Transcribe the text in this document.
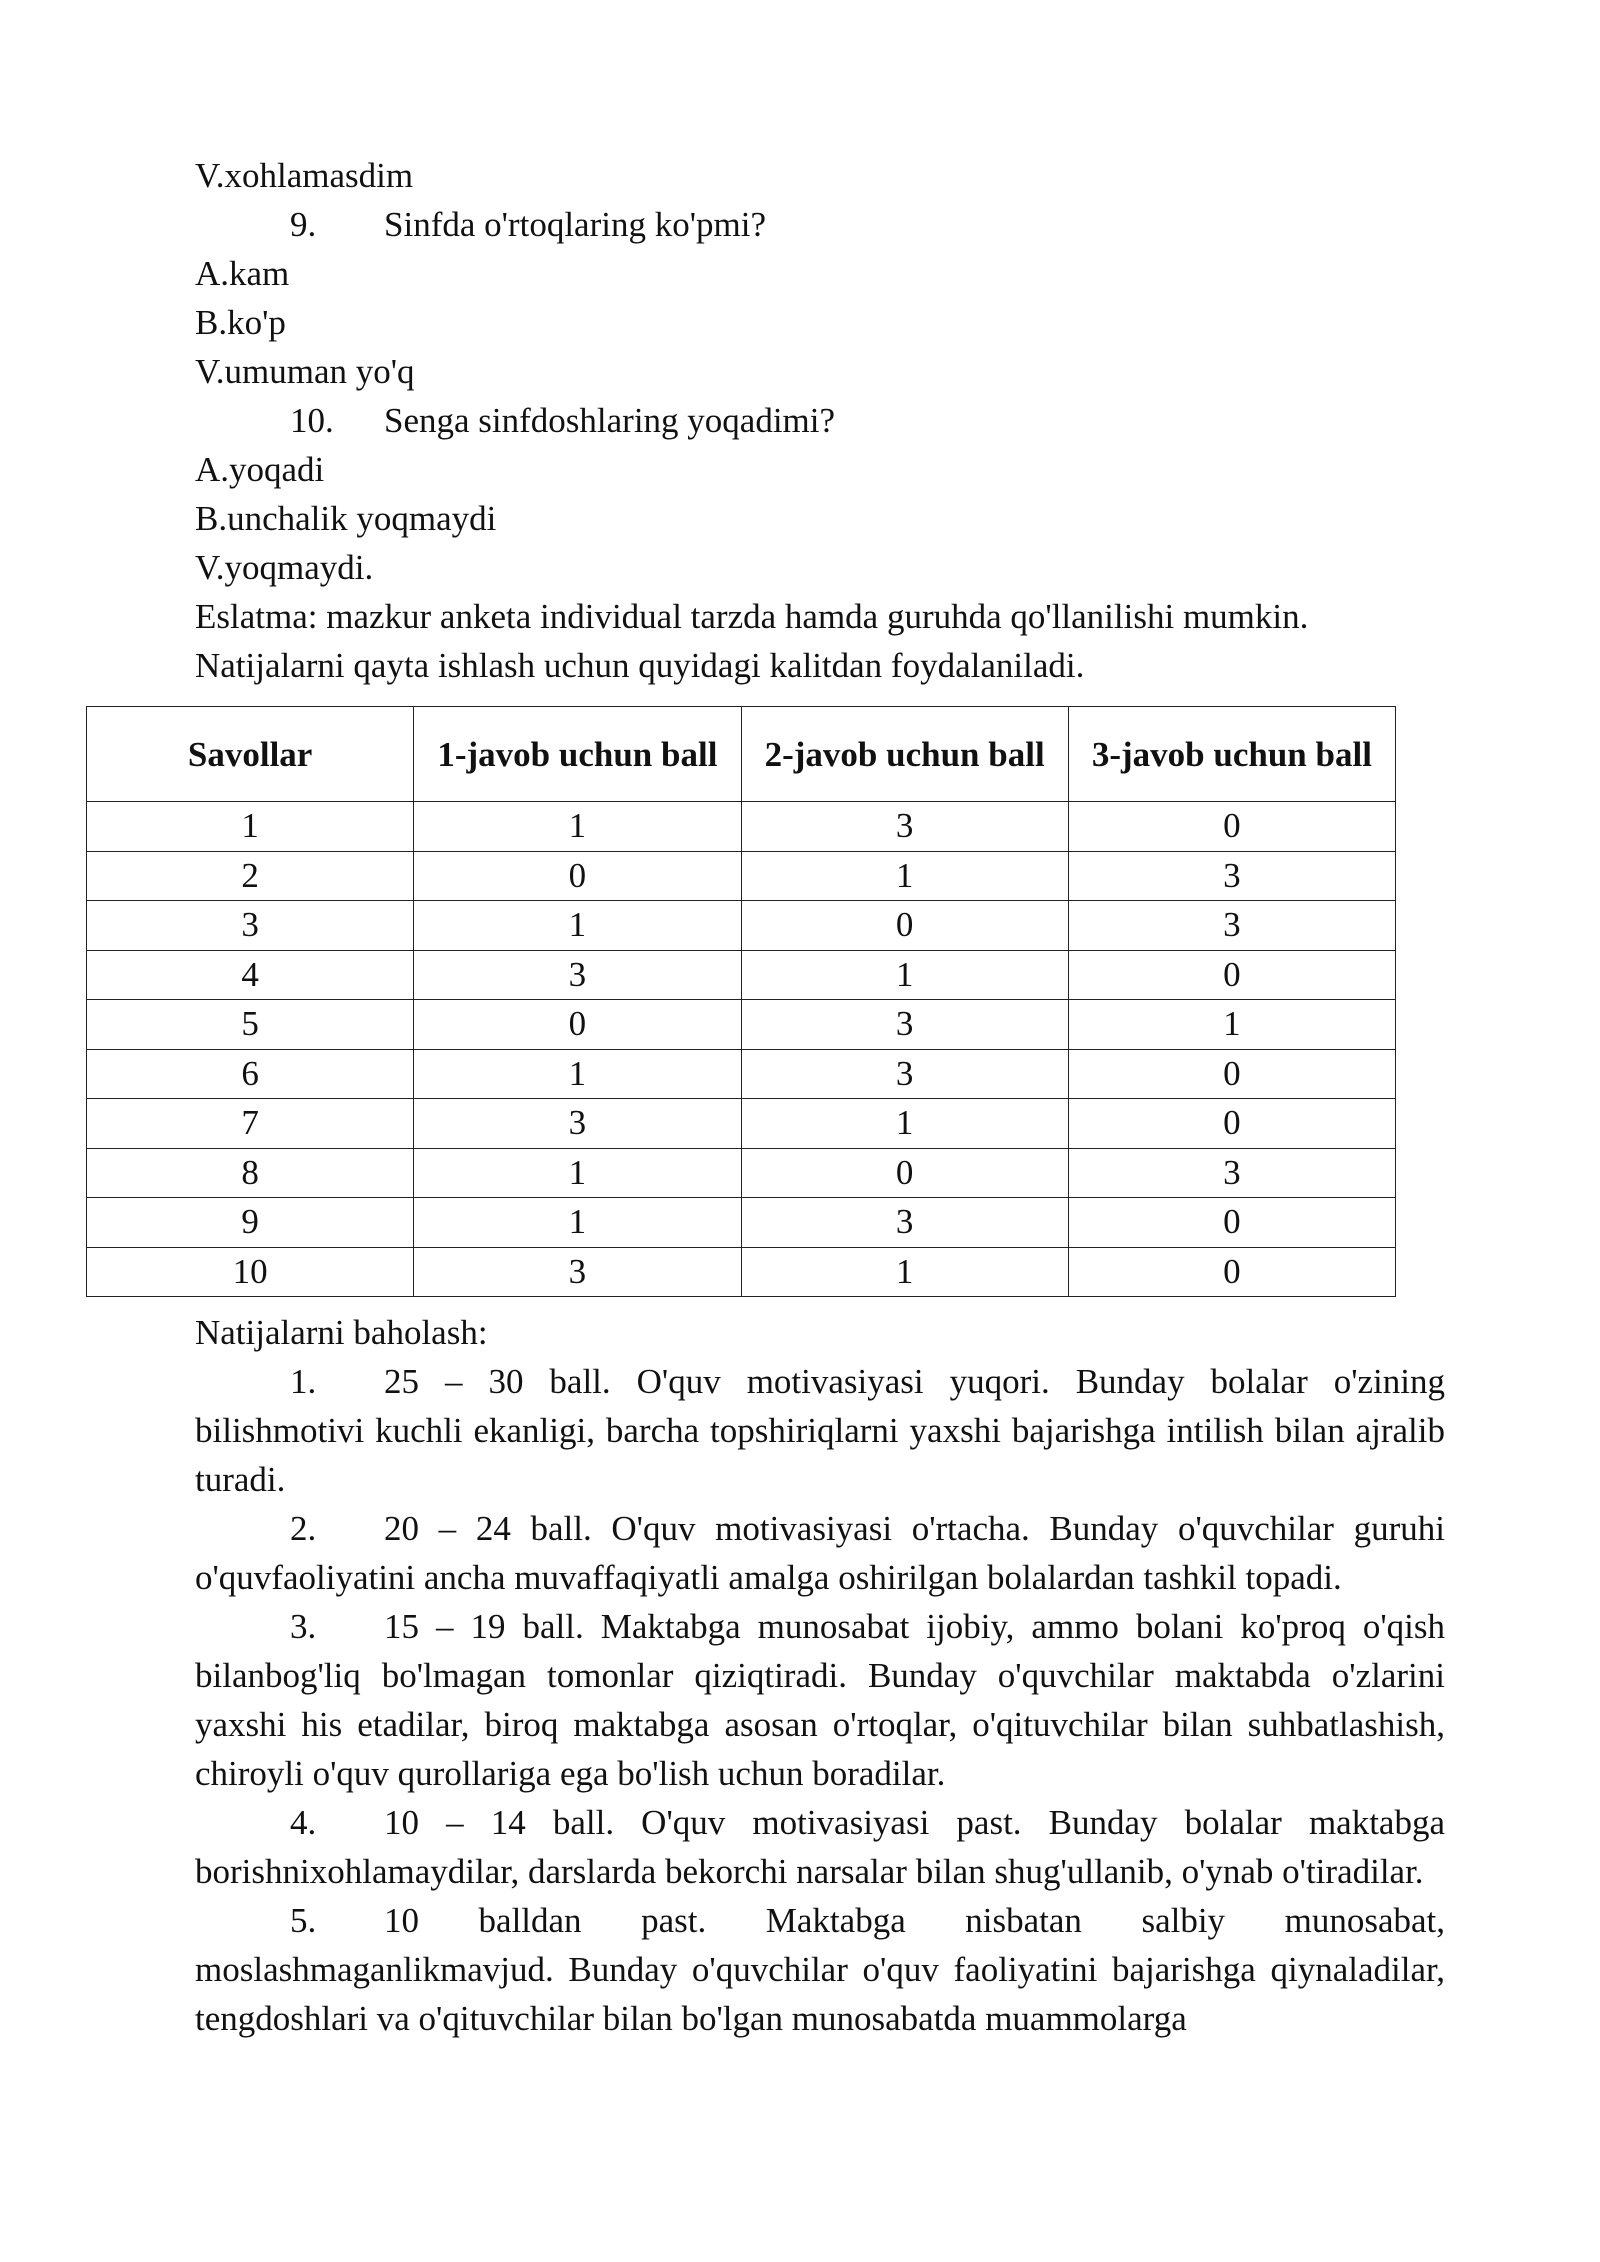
V.xohlamasdim
9. Sinfda o'rtoqlaring ko'pmi?
A.kam
B.ko'p
V.umuman yo'q
10. Senga sinfdoshlaring yoqadimi?
A.yoqadi
B.unchalik yoqmaydi
V.yoqmaydi.
Eslatma: mazkur anketa individual tarzda hamda guruhda qo'llanilishi mumkin.
Natijalarni qayta ishlash uchun quyidagi kalitdan foydalaniladi.
Savollar	1-javob uchun ball	2-javob uchun ball	3-javob uchun ball
1	1	3	0
2	0	1	3
3	1	0	3
4	3	1	0
5	0	3	1
6	1	3	0
7	3	1	0
8	1	0	3
9	1	3	0
10	3	1	0
Natijalarni baholash:
1. 25 – 30 ball. O'quv motivasiyasi yuqori. Bunday bolalar o'zining bilishmotivi kuchli ekanligi, barcha topshiriqlarni yaxshi bajarishga intilish bilan ajralib turadi.
2. 20 – 24 ball. O'quv motivasiyasi o'rtacha. Bunday o'quvchilar guruhi o'quvfaoliyatini ancha muvaffaqiyatli amalga oshirilgan bolalardan tashkil topadi.
3. 15 – 19 ball. Maktabga munosabat ijobiy, ammo bolani ko'proq o'qish bilanbog'liq bo'lmagan tomonlar qiziqtiradi. Bunday o'quvchilar maktabda o'zlarini yaxshi his etadilar, biroq maktabga asosan o'rtoqlar, o'qituvchilar bilan suhbatlashish, chiroyli o'quv qurollariga ega bo'lish uchun boradilar.
4. 10 – 14 ball. O'quv motivasiyasi past. Bunday bolalar maktabga borishnixohlamaydilar, darslarda bekorchi narsalar bilan shug'ullanib, o'ynab o'tiradilar.
5. 10 balldan past. Maktabga nisbatan salbiy munosabat, moslashmaganlikmavjud. Bunday o'quvchilar o'quv faoliyatini bajarishga qiynaladilar, tengdoshlari va o'qituvchilar bilan bo'lgan munosabatda muammolarga
